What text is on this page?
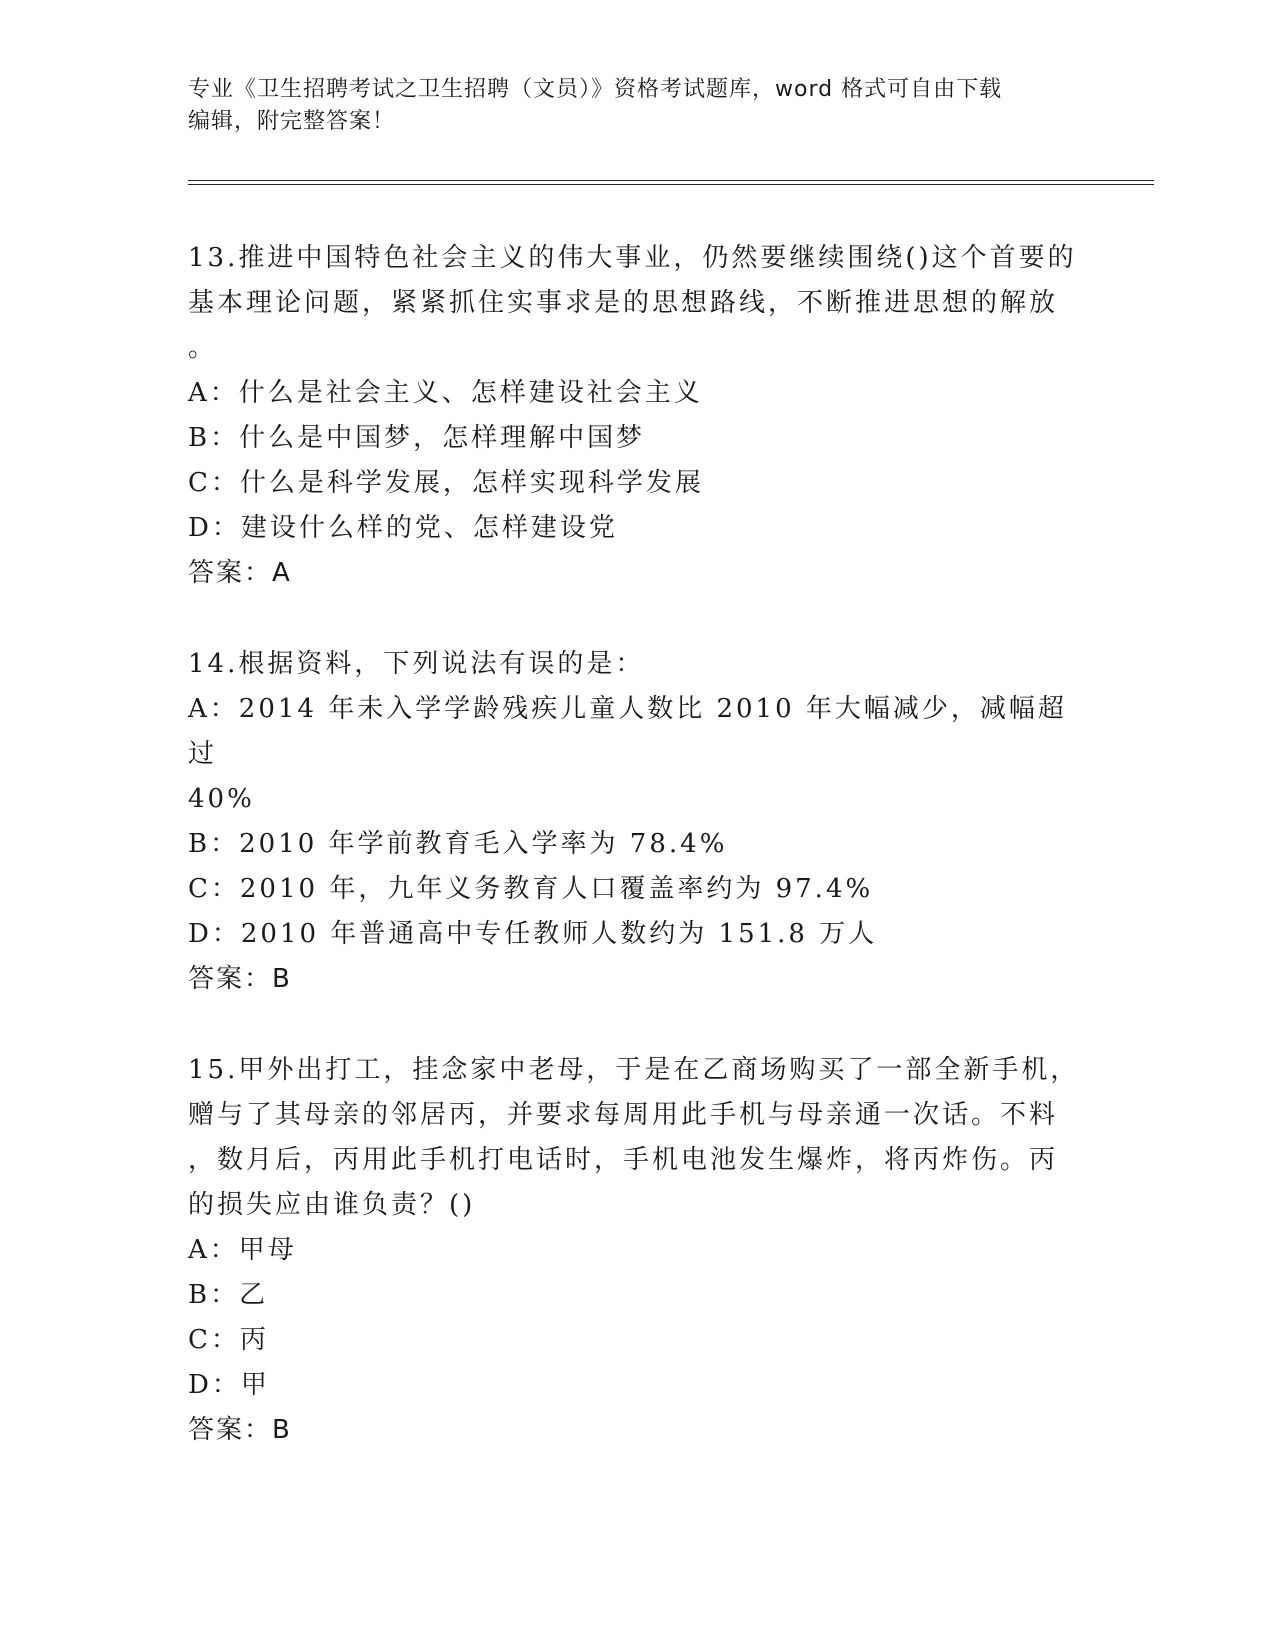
专业《卫生招聘考试之卫生招聘（文员）》资格考试题库，word 格式可自由下载
编辑，附完整答案！
13.推进中国特色社会主义的伟大事业，仍然要继续围绕()这个首要的
基本理论问题，紧紧抓住实事求是的思想路线，不断推进思想的解放
。
A：什么是社会主义、怎样建设社会主义
B：什么是中国梦，怎样理解中国梦
C：什么是科学发展，怎样实现科学发展
D：建设什么样的党、怎样建设党
答案：A
14.根据资料，下列说法有误的是：
A：2014 年未入学学龄残疾儿童人数比 2010 年大幅减少，减幅超过
40%
B：2010 年学前教育毛入学率为 78.4%
C：2010 年，九年义务教育人口覆盖率约为 97.4%
D：2010 年普通高中专任教师人数约为 151.8 万人
答案：B
15.甲外出打工，挂念家中老母，于是在乙商场购买了一部全新手机，
赠与了其母亲的邻居丙，并要求每周用此手机与母亲通一次话。不料
，数月后，丙用此手机打电话时，手机电池发生爆炸，将丙炸伤。丙
的损失应由谁负责？()
A：甲母
B：乙
C：丙
D：甲
答案：B
